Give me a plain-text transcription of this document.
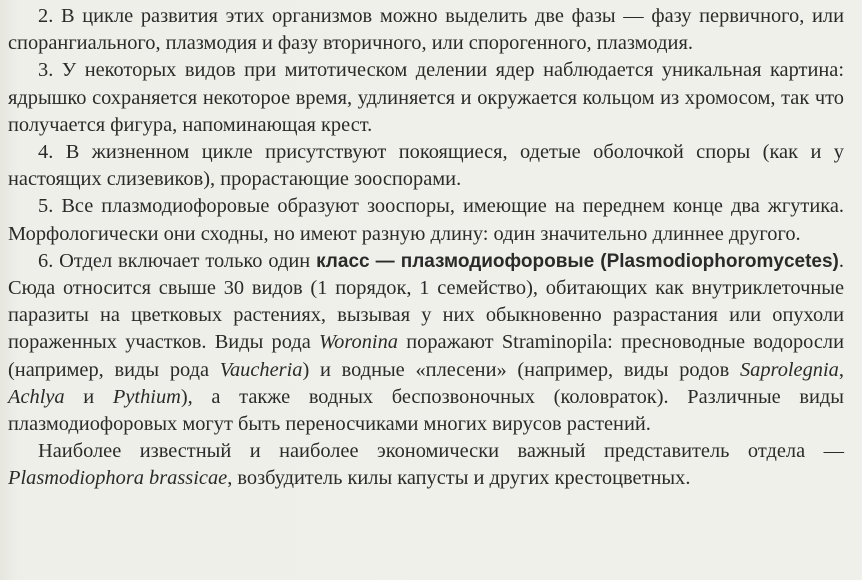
2. В цикле развития этих организмов можно выделить две фазы — фазу первичного, или спорангиального, плазмодия и фазу вторичного, или спорогенного, плазмодия.

3. У некоторых видов при митотическом делении ядер наблюдается уникальная картина: ядрышко сохраняется некоторое время, удлиняется и окружается кольцом из хромосом, так что получается фигура, напоминающая крест.

4. В жизненном цикле присутствуют покоящиеся, одетые оболочкой споры (как и у настоящих слизевиков), прорастающие зооспорами.

5. Все плазмодиофоровые образуют зооспоры, имеющие на переднем конце два жгутика. Морфологически они сходны, но имеют разную длину: один значительно длиннее другого.

6. Отдел включает только один класс — плазмодиофоровые (Plasmodiophoromycetes). Сюда относится свыше 30 видов (1 порядок, 1 семейство), обитающих как внутриклеточные паразиты на цветковых растениях, вызывая у них обыкновенно разрастания или опухоли пораженных участков. Виды рода Woronina поражают Straminopila: пресноводные водоросли (например, виды рода Vaucheria) и водные «плесени» (например, виды родов Saprolegnia, Achlya и Pythium), а также водных беспозвоночных (коловраток). Различные виды плазмодиофоровых могут быть переносчиками многих вирусов растений.

Наиболее известный и наиболее экономически важный представитель отдела — Plasmodiophora brassicae, возбудитель килы капусты и других крестоцветных.
